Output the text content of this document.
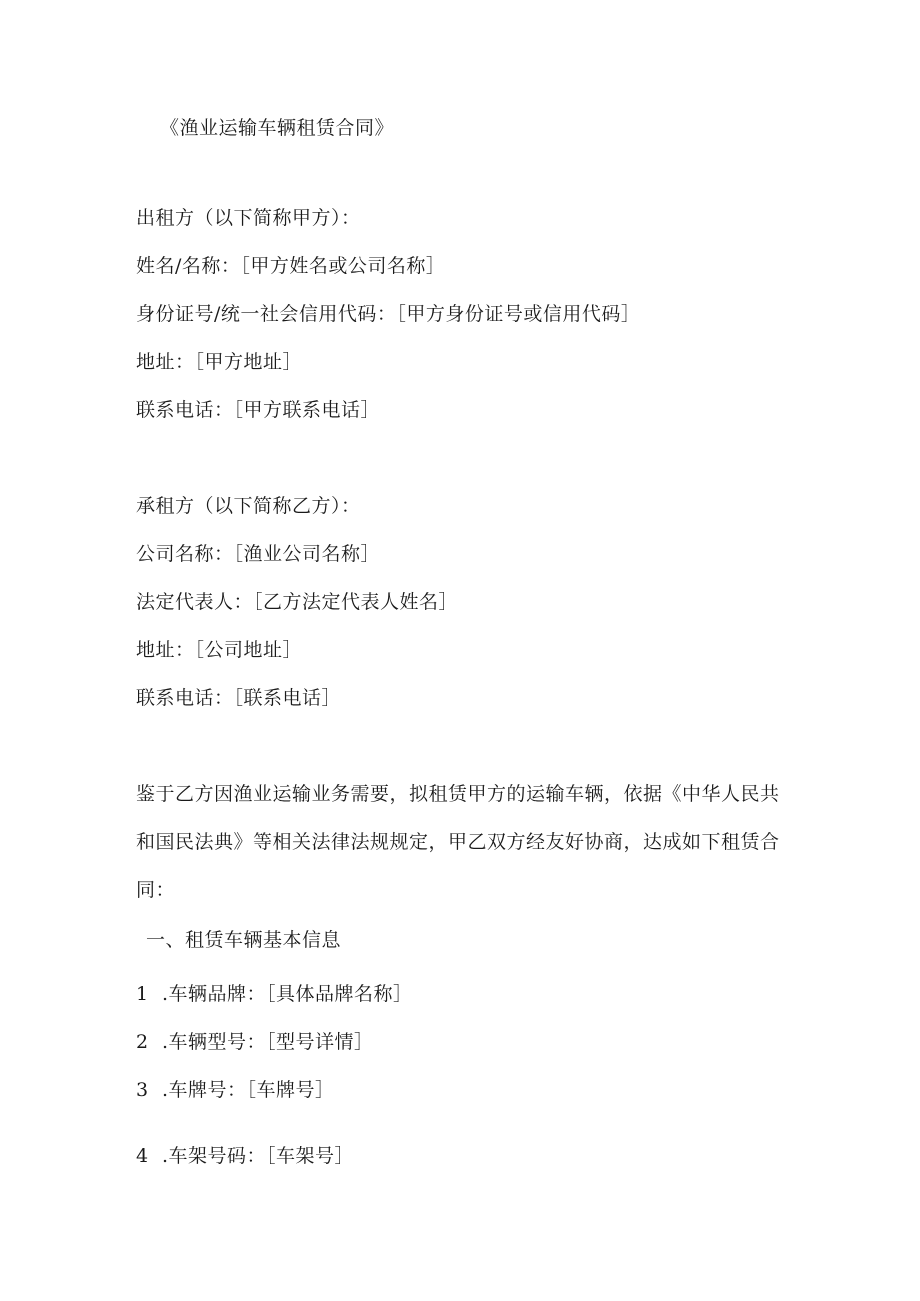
《渔业运输车辆租赁合同》
出租方（以下简称甲方）：
姓名/名称：［甲方姓名或公司名称］
身份证号/统一社会信用代码：［甲方身份证号或信用代码］
地址：［甲方地址］
联系电话：［甲方联系电话］
承租方（以下简称乙方）：
公司名称：［渔业公司名称］
法定代表人：［乙方法定代表人姓名］
地址：［公司地址］
联系电话：［联系电话］
鉴于乙方因渔业运输业务需要，拟租赁甲方的运输车辆，依据《中华人民共和国民法典》等相关法律法规规定，甲乙双方经友好协商，达成如下租赁合同：
一、租赁车辆基本信息
1 .车辆品牌：［具体品牌名称］
2 .车辆型号：［型号详情］
3 .车牌号：［车牌号］
4 .车架号码：［车架号］
